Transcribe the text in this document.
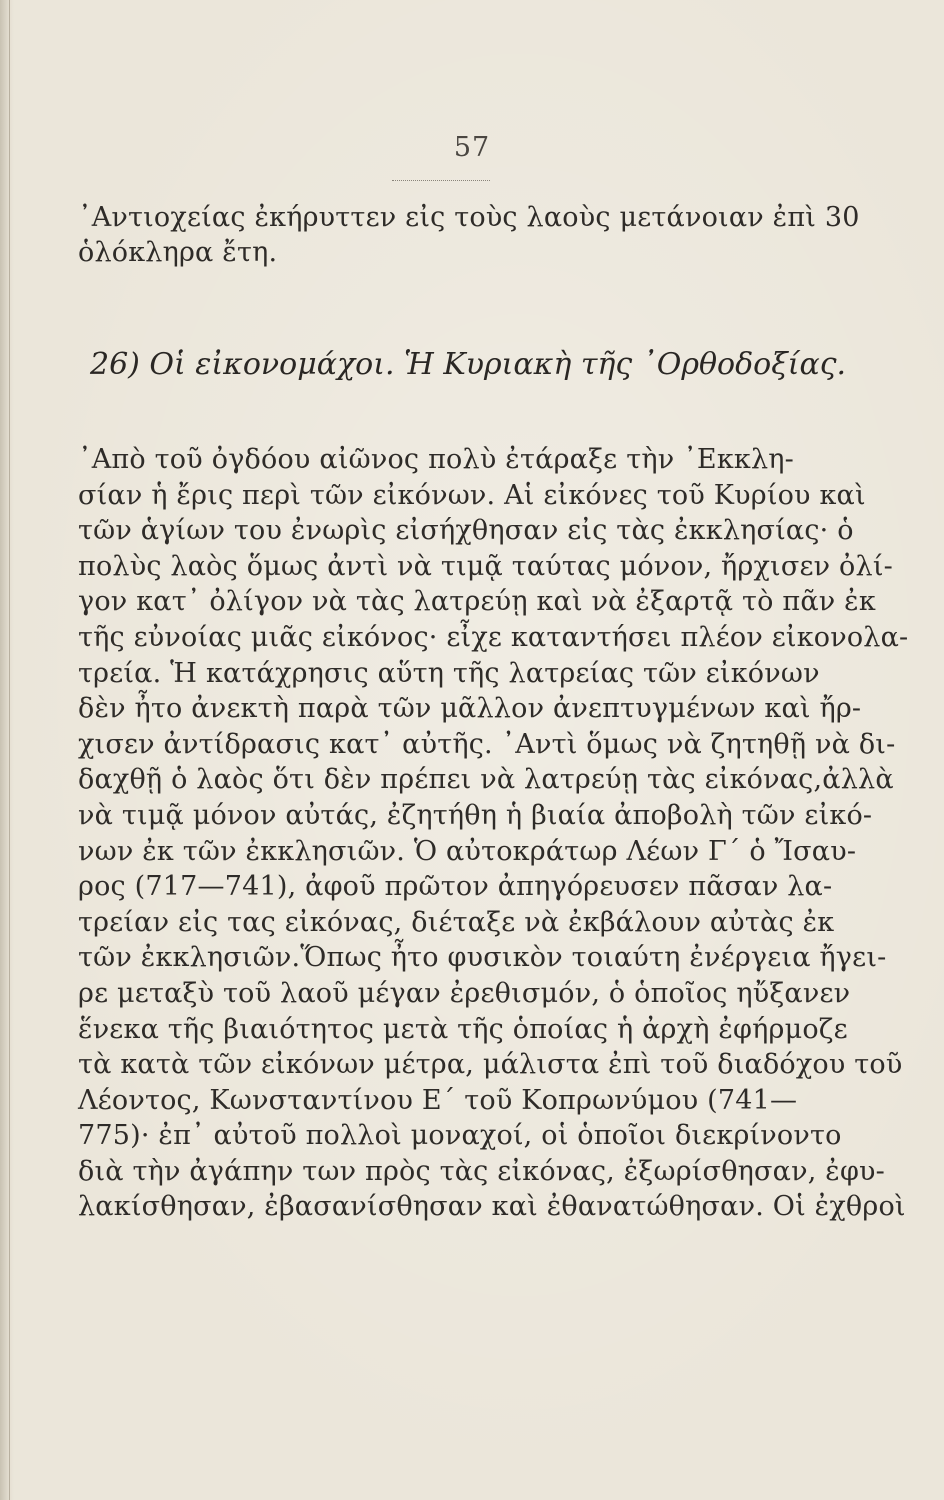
57
᾿Αντιοχείας ἐκήρυττεν εἰς τοὺς λαοὺς μετάνοιαν ἐπὶ 30
ὁλόκληρα ἔτη.
26) Οἱ εἰκονομάχοι. Ἡ Κυριακὴ τῆς ᾿Ορθοδοξίας.
᾿Απὸ τοῦ ὀγδόου αἰῶνος πολὺ ἐτάραξε τὴν ᾿Εκκλη-
σίαν ἡ ἔρις περὶ τῶν εἰκόνων. Αἱ εἰκόνες τοῦ Κυρίου καὶ
τῶν ἁγίων του ἐνωρὶς εἰσήχθησαν εἰς τὰς ἐκκλησίας· ὁ
πολὺς λαὸς ὅμως ἀντὶ νὰ τιμᾷ ταύτας μόνον, ἤρχισεν ὀλί-
γον κατ᾿ ὀλίγον νὰ τὰς λατρεύῃ καὶ νὰ ἐξαρτᾷ τὸ πᾶν ἐκ
τῆς εὐνοίας μιᾶς εἰκόνος· εἶχε καταντήσει πλέον εἰκονολα-
τρεία. Ἡ κατάχρησις αὕτη τῆς λατρείας τῶν εἰκόνων
δὲν ἦτο ἀνεκτὴ παρὰ τῶν μᾶλλον ἀνεπτυγμένων καὶ ἤρ-
χισεν ἀντίδρασις κατ᾿ αὐτῆς. ᾿Αντὶ ὅμως νὰ ζητηθῇ νὰ δι-
δαχθῇ ὁ λαὸς ὅτι δὲν πρέπει νὰ λατρεύῃ τὰς εἰκόνας,ἀλλὰ
νὰ τιμᾷ μόνον αὐτάς, ἐζητήθη ἡ βιαία ἀποβολὴ τῶν εἰκό-
νων ἐκ τῶν ἐκκλησιῶν. Ὁ αὐτοκράτωρ Λέων Γ΄ ὁ Ἴσαυ-
ρος (717—741), ἀφοῦ πρῶτον ἀπηγόρευσεν πᾶσαν λα-
τρείαν εἰς τας εἰκόνας, διέταξε νὰ ἐκβάλουν αὐτὰς ἐκ
τῶν ἐκκλησιῶν.Ὅπως ἦτο φυσικὸν τοιαύτη ἐνέργεια ἤγει-
ρε μεταξὺ τοῦ λαοῦ μέγαν ἐρεθισμόν, ὁ ὁποῖος ηὔξανεν
ἕνεκα τῆς βιαιότητος μετὰ τῆς ὁποίας ἡ ἀρχὴ ἐφήρμοζε
τὰ κατὰ τῶν εἰκόνων μέτρα, μάλιστα ἐπὶ τοῦ διαδόχου τοῦ
Λέοντος, Κωνσταντίνου Ε΄ τοῦ Κοπρωνύμου (741—
775)· ἐπ᾿ αὐτοῦ πολλοὶ μοναχοί, οἱ ὁποῖοι διεκρίνοντο
διὰ τὴν ἀγάπην των πρὸς τὰς εἰκόνας, ἐξωρίσθησαν, ἐφυ-
λακίσθησαν, ἐβασανίσθησαν καὶ ἐθανατώθησαν. Οἱ ἐχθροὶ
